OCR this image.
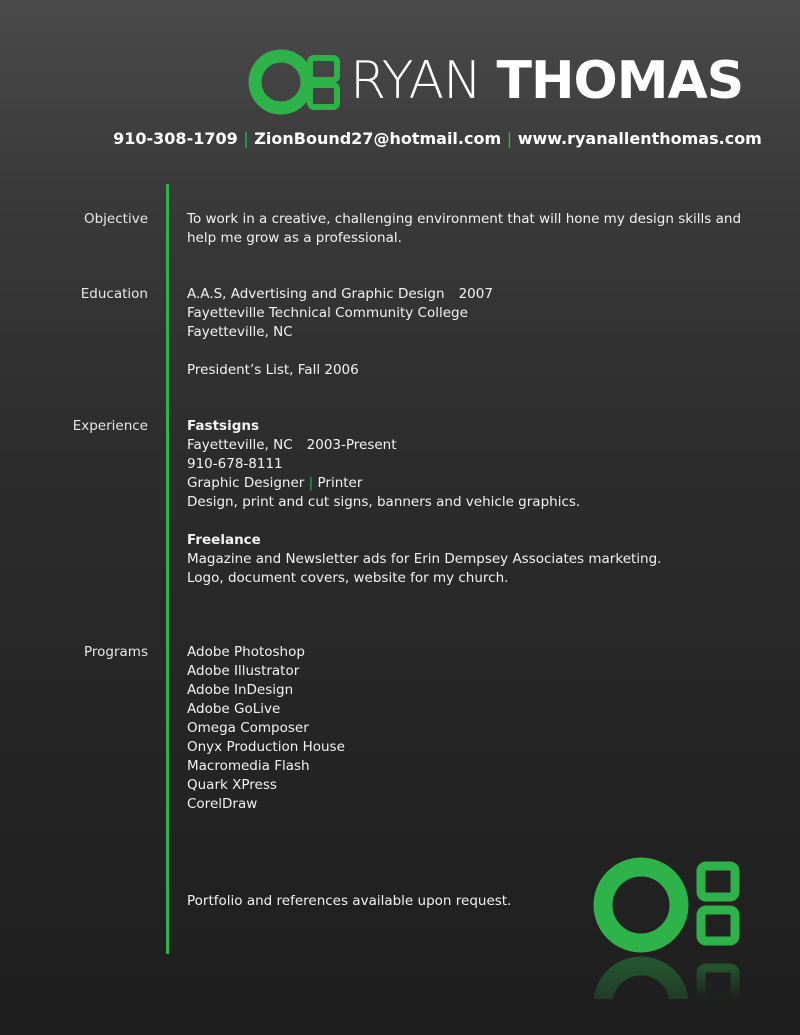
RYAN THOMAS
910-308-1709 | ZionBound27@hotmail.com | www.ryanallenthomas.com
Objective	To work in a creative, challenging environment that will hone my design skills and

help me grow as a professional.

Education	A.A.S, Advertising and Graphic Design 2007

Fayetteville Technical Community College

Fayetteville, NC

President’s List, Fall 2006

Experience	Fastsigns

Fayetteville, NC 2003-Present

910-678-8111

Graphic Designer | Printer

Design, print and cut signs, banners and vehicle graphics.

Freelance

Magazine and Newsletter ads for Erin Dempsey Associates marketing.

Logo, document covers, website for my church.

Programs	Adobe Photoshop

Adobe Illustrator

Adobe InDesign

Adobe GoLive

Omega Composer

Onyx Production House

Macromedia Flash

Quark XPress

CorelDraw

Portfolio and references available upon request.
